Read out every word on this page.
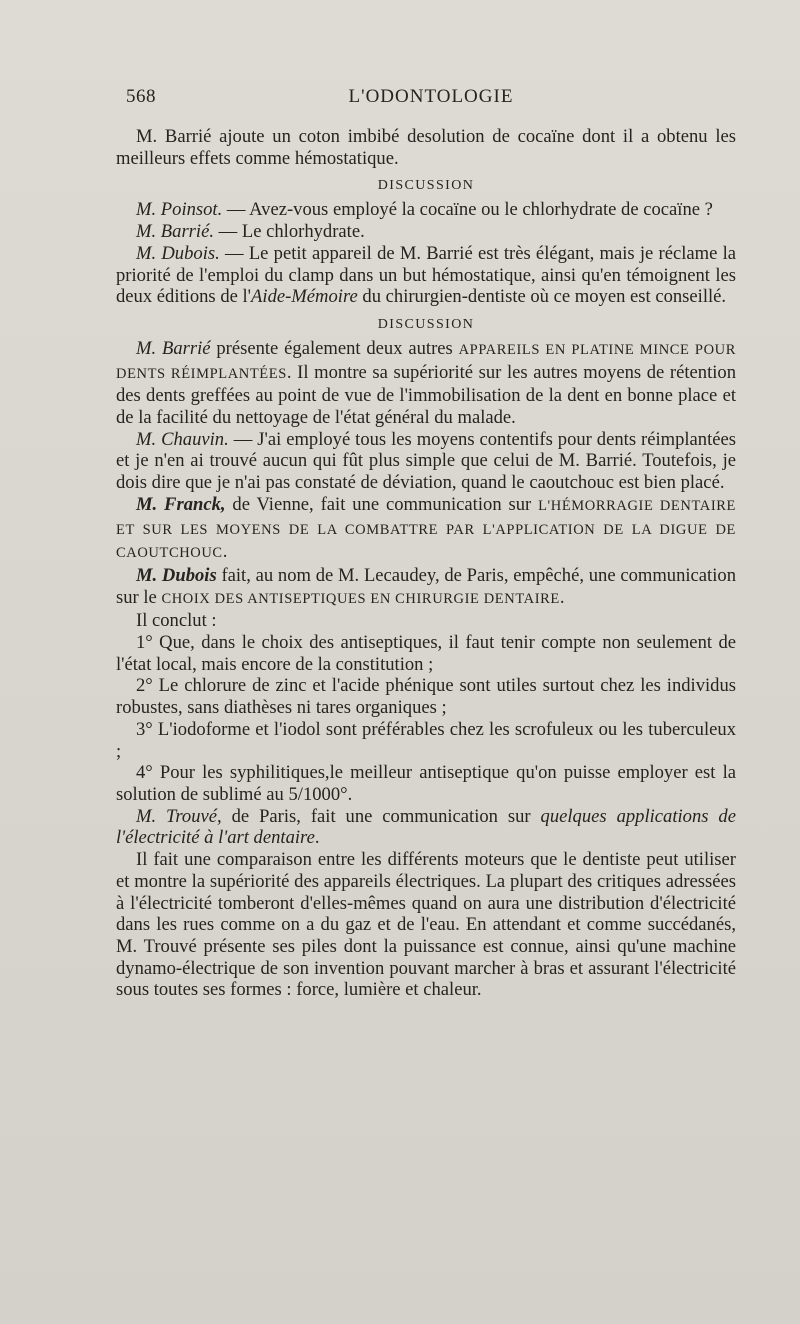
568	L'ODONTOLOGIE

M. Barrié ajoute un coton imbibé desolution de cocaïne dont il a obtenu les meilleurs effets comme hémostatique.

DISCUSSION

M. Poinsot. — Avez-vous employé la cocaïne ou le chlorhydrate de cocaïne ?

M. Barrié. — Le chlorhydrate.

M. Dubois. — Le petit appareil de M. Barrié est très élégant, mais je réclame la priorité de l'emploi du clamp dans un but hémostatique, ainsi qu'en témoignent les deux éditions de l'Aide-Mémoire du chirurgien-dentiste où ce moyen est conseillé.

DISCUSSION

M. Barrié présente également deux autres APPAREILS EN PLATINE MINCE POUR DENTS RÉIMPLANTÉES. Il montre sa supériorité sur les autres moyens de rétention des dents greffées au point de vue de l'immobilisation de la dent en bonne place et de la facilité du nettoyage de l'état général du malade.

M. Chauvin. — J'ai employé tous les moyens contentifs pour dents réimplantées et je n'en ai trouvé aucun qui fût plus simple que celui de M. Barrié. Toutefois, je dois dire que je n'ai pas constaté de déviation, quand le caoutchouc est bien placé.

M. Franck, de Vienne, fait une communication sur L'HÉMORRAGIE DENTAIRE ET SUR LES MOYENS DE LA COMBATTRE PAR L'APPLICATION DE LA DIGUE DE CAOUTCHOUC.

M. Dubois fait, au nom de M. Lecaudey, de Paris, empêché, une communication sur le CHOIX DES ANTISEPTIQUES EN CHIRURGIE DENTAIRE.

Il conclut :

1° Que, dans le choix des antiseptiques, il faut tenir compte non seulement de l'état local, mais encore de la constitution ;

2° Le chlorure de zinc et l'acide phénique sont utiles surtout chez les individus robustes, sans diathèses ni tares organiques ;

3° L'iodoforme et l'iodol sont préférables chez les scrofuleux ou les tuberculeux ;

4° Pour les syphilitiques,le meilleur antiseptique qu'on puisse employer est la solution de sublimé au 5/1000°.

M. Trouvé, de Paris, fait une communication sur quelques applications de l'électricité à l'art dentaire.

Il fait une comparaison entre les différents moteurs que le dentiste peut utiliser et montre la supériorité des appareils électriques. La plupart des critiques adressées à l'électricité tomberont d'elles-mêmes quand on aura une distribution d'électricité dans les rues comme on a du gaz et de l'eau. En attendant et comme succédanés, M. Trouvé présente ses piles dont la puissance est connue, ainsi qu'une machine dynamo-électrique de son invention pouvant marcher à bras et assurant l'électricité sous toutes ses formes : force, lumière et chaleur.
